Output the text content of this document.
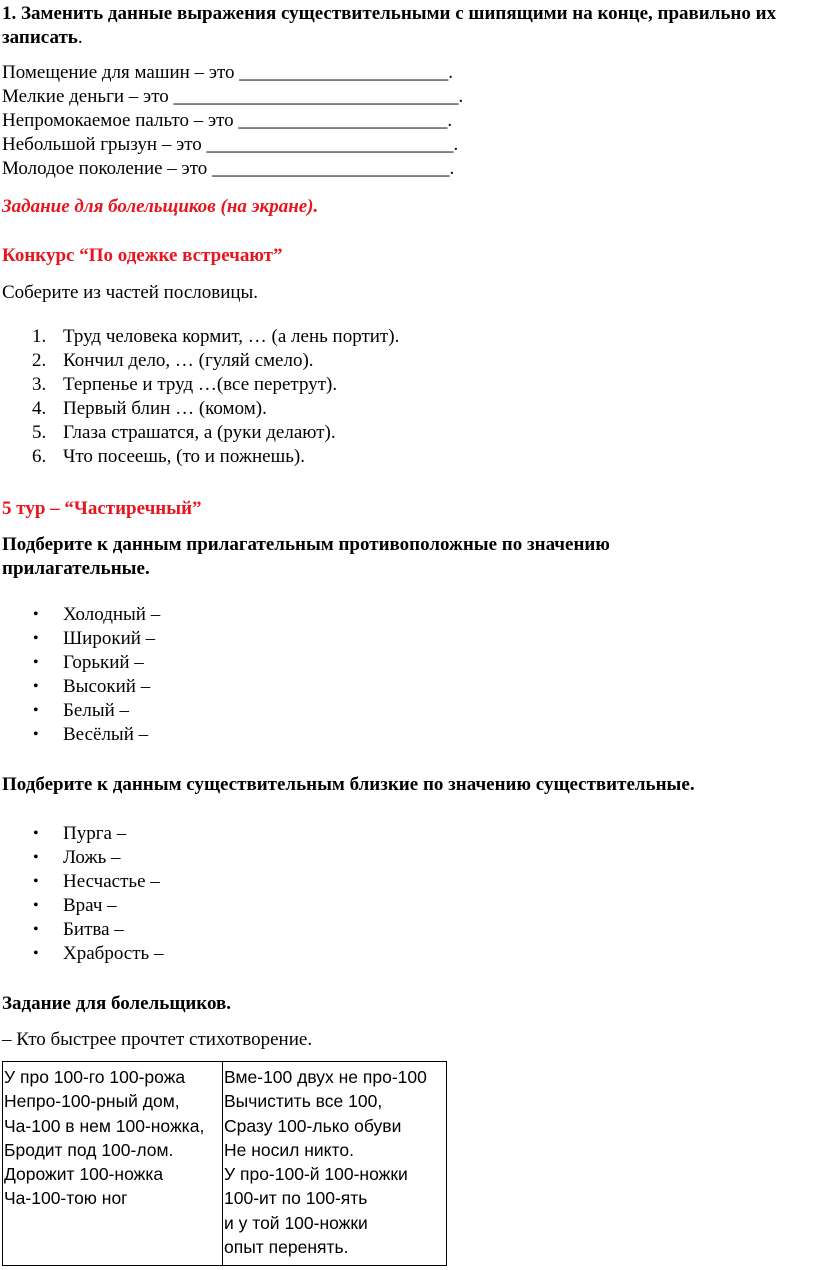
1. Заменить данные выражения существительными с шипящими на конце, правильно их записать.
Помещение для машин – это ______________________.
Мелкие деньги – это ______________________________.
Непромокаемое пальто – это ______________________.
Небольшой грызун – это __________________________.
Молодое поколение – это _________________________.
Задание для болельщиков (на экране).
Конкурс “По одежке встречают”
Соберите из частей пословицы.
1. Труд человека кормит, … (а лень портит).
2. Кончил дело, … (гуляй смело).
3. Терпенье и труд …(все перетрут).
4. Первый блин … (комом).
5. Глаза страшатся, а (руки делают).
6. Что посеешь, (то и пожнешь).
5 тур – “Частиречный”
Подберите к данным прилагательным противоположные по значению прилагательные.
• Холодный –
• Широкий –
• Горький –
• Высокий –
• Белый –
• Весёлый –
Подберите к данным существительным близкие по значению существительные.
• Пурга –
• Ложь –
• Несчастье –
• Врач –
• Битва –
• Храбрость –
Задание для болельщиков.
– Кто быстрее прочтет стихотворение.
У про 100-го 100-рожа
Непро-100-рный дом,
Ча-100 в нем 100-ножка,
Бродит под 100-лом.
Дорожит 100-ножка
Ча-100-тою ног
Вме-100 двух не про-100
Вычистить все 100,
Сразу 100-лько обуви
Не носил никто.
У про-100-й 100-ножки
100-ит по 100-ять
и у той 100-ножки
опыт перенять.
